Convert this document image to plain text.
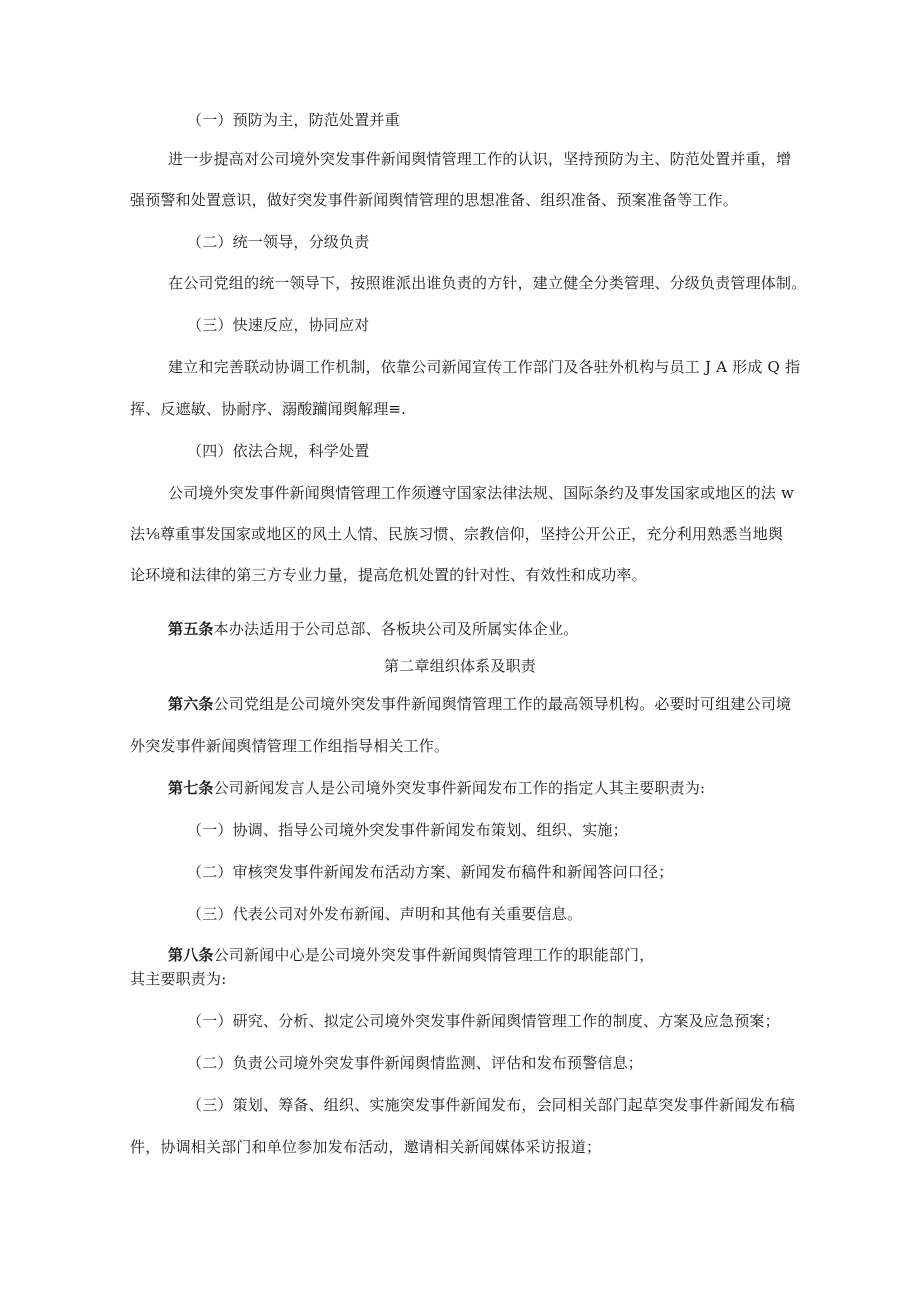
（一）预防为主，防范处置并重
进一步提高对公司境外突发事件新闻舆情管理工作的认识，坚持预防为主、防范处置并重，增
强预警和处置意识，做好突发事件新闻舆情管理的思想准备、组织准备、预案准备等工作。
（二）统一领导，分级负责
在公司党组的统一领导下，按照谁派出谁负责的方针，建立健全分类管理、分级负责管理体制。
（三）快速反应，协同应对
建立和完善联动协调工作机制，依靠公司新闻宣传工作部门及各驻外机构与员工 J A 形成 Q 指
挥、反遮敏、协耐序、溺酸躏闻舆解理≡.
（四）依法合规，科学处置
公司境外突发事件新闻舆情管理工作须遵守国家法律法规、国际条约及事发国家或地区的法 w
法⅛尊重事发国家或地区的风土人情、民族习惯、宗教信仰，坚持公开公正，充分利用熟悉当地舆
论环境和法律的第三方专业力量，提高危机处置的针对性、有效性和成功率。
第五条本办法适用于公司总部、各板块公司及所属实体企业。
第二章组织体系及职责
第六条公司党组是公司境外突发事件新闻舆情管理工作的最高领导机构。必要时可组建公司境
外突发事件新闻舆情管理工作组指导相关工作。
第七条公司新闻发言人是公司境外突发事件新闻发布工作的指定人其主要职责为:
（一）协调、指导公司境外突发事件新闻发布策划、组织、实施；
（二）审核突发事件新闻发布活动方案、新闻发布稿件和新闻答问口径；
（三）代表公司对外发布新闻、声明和其他有关重要信息。
第八条公司新闻中心是公司境外突发事件新闻舆情管理工作的职能部门，
其主要职责为:
（一）研究、分析、拟定公司境外突发事件新闻舆情管理工作的制度、方案及应急预案；
（二）负责公司境外突发事件新闻舆情监测、评估和发布预警信息；
（三）策划、筹备、组织、实施突发事件新闻发布，会同相关部门起草突发事件新闻发布稿
件，协调相关部门和单位参加发布活动，邀请相关新闻媒体采访报道；
